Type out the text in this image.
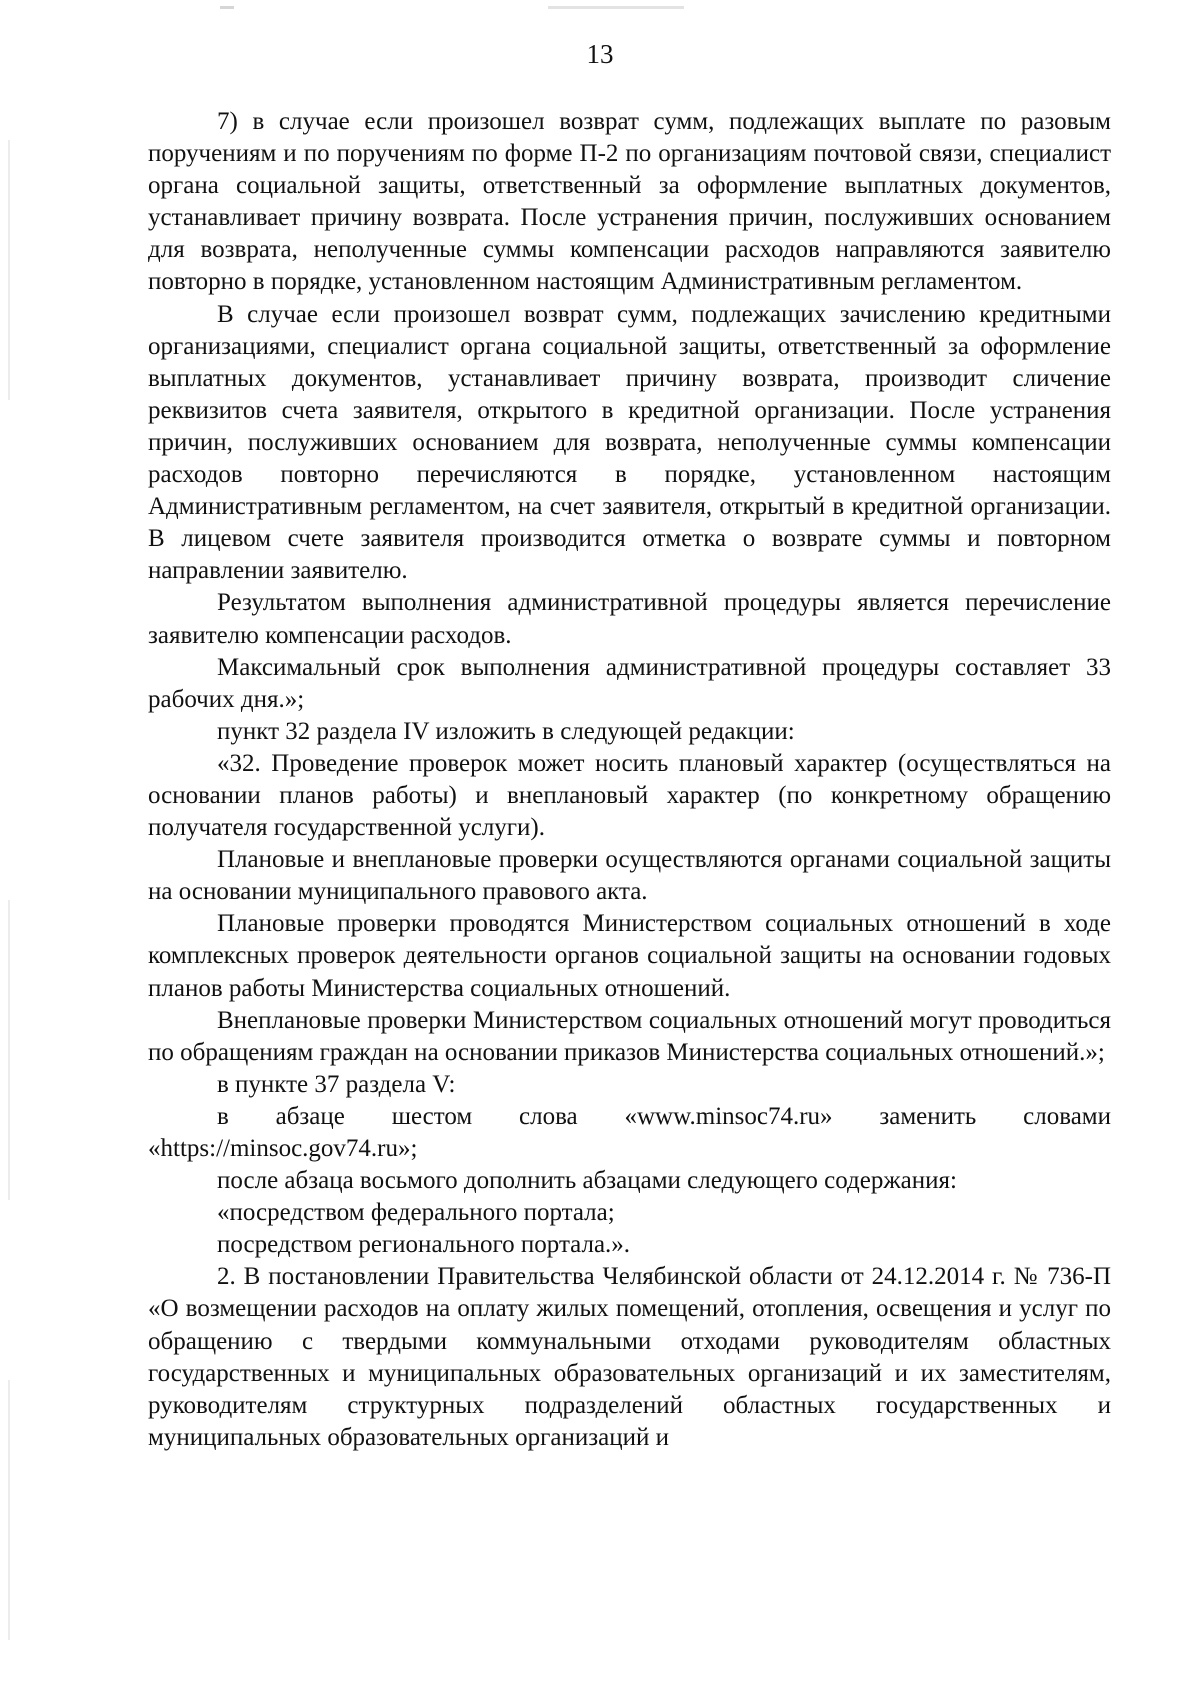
13

7) в случае если произошел возврат сумм, подлежащих выплате по разовым поручениям и по поручениям по форме П-2 по организациям почтовой связи, специалист органа социальной защиты, ответственный за оформление выплатных документов, устанавливает причину возврата. После устранения причин, послуживших основанием для возврата, неполученные суммы компенсации расходов направляются заявителю повторно в порядке, установленном настоящим Административным регламентом.

В случае если произошел возврат сумм, подлежащих зачислению кредитными организациями, специалист органа социальной защиты, ответственный за оформление выплатных документов, устанавливает причину возврата, производит сличение реквизитов счета заявителя, открытого в кредитной организации. После устранения причин, послуживших основанием для возврата, неполученные суммы компенсации расходов повторно перечисляются в порядке, установленном настоящим Административным регламентом, на счет заявителя, открытый в кредитной организации. В лицевом счете заявителя производится отметка о возврате суммы и повторном направлении заявителю.

Результатом выполнения административной процедуры является перечисление заявителю компенсации расходов.

Максимальный срок выполнения административной процедуры составляет 33 рабочих дня.»;

пункт 32 раздела IV изложить в следующей редакции:

«32. Проведение проверок может носить плановый характер (осуществляться на основании планов работы) и внеплановый характер (по конкретному обращению получателя государственной услуги).

Плановые и внеплановые проверки осуществляются органами социальной защиты на основании муниципального правового акта.

Плановые проверки проводятся Министерством социальных отношений в ходе комплексных проверок деятельности органов социальной защиты на основании годовых планов работы Министерства социальных отношений.

Внеплановые проверки Министерством социальных отношений могут проводиться по обращениям граждан на основании приказов Министерства социальных отношений.»;

в пункте 37 раздела V:

в абзаце шестом слова «www.minsoc74.ru» заменить словами «https://minsoc.gov74.ru»;

после абзаца восьмого дополнить абзацами следующего содержания:

«посредством федерального портала;

посредством регионального портала.».

2. В постановлении Правительства Челябинской области от 24.12.2014 г. № 736-П «О возмещении расходов на оплату жилых помещений, отопления, освещения и услуг по обращению с твердыми коммунальными отходами руководителям областных государственных и муниципальных образовательных организаций и их заместителям, руководителям структурных подразделений областных государственных и муниципальных образовательных организаций и
